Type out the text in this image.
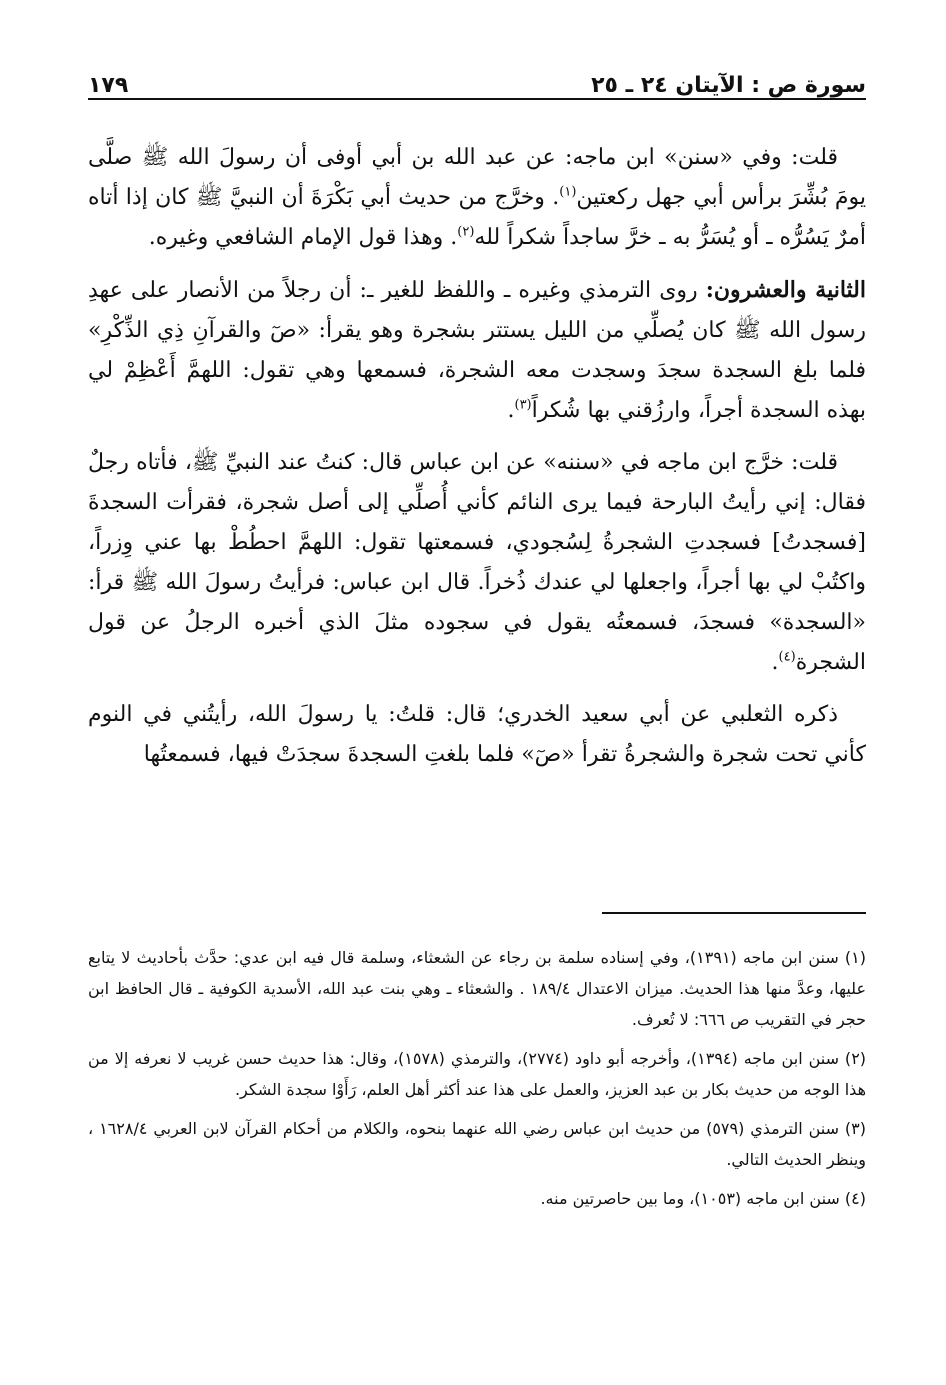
سورة ص : الآيتان ٢٤ ـ ٢٥
١٧٩

قلت: وفي «سنن» ابن ماجه: عن عبد الله بن أبي أوفى أن رسولَ الله ﷺ صلَّى يومَ بُشِّرَ برأس أبي جهل ركعتين$^{(١)}$. وخرَّج من حديث أبي بَكْرَةَ أن النبيَّ ﷺ كان إذا أتاه أمرٌ يَسُرُّه ـ أو يُسَرُّ به ـ خرَّ ساجداً شكراً لله$^{(٢)}$. وهذا قول الإمام الشافعي وغيره.

الثانية والعشرون: روى الترمذي وغيره ـ واللفظ للغير ـ: أن رجلاً من الأنصار على عهدِ رسول الله ﷺ كان يُصلِّي من الليل يستتر بشجرة وهو يقرأ: «صٓ والقرآنِ ذِي الذِّكْرِ» فلما بلغ السجدة سجدَ وسجدت معه الشجرة، فسمعها وهي تقول: اللهمَّ أَعْظِمْ لي بهذه السجدة أجراً، وارزُقني بها شُكراً$^{(٣)}$.

قلت: خرَّج ابن ماجه في «سننه» عن ابن عباس قال: كنتُ عند النبيِّ ﷺ، فأتاه رجلٌ فقال: إني رأيتُ البارحة فيما يرى النائم كأني أُصلِّي إلى أصل شجرة، فقرأت السجدةَ [فسجدتُ] فسجدتِ الشجرةُ لِسُجودي، فسمعتها تقول: اللهمَّ احطُطْ بها عني وِزراً، واكتُبْ لي بها أجراً، واجعلها لي عندك ذُخراً. قال ابن عباس: فرأيتُ رسولَ الله ﷺ قرأ: «السجدة» فسجدَ، فسمعتُه يقول في سجوده مثلَ الذي أخبره الرجلُ عن قول الشجرة$^{(٤)}$.

ذكره الثعلبي عن أبي سعيد الخدري؛ قال: قلتُ: يا رسولَ الله، رأيتُني في النوم كأني تحت شجرة والشجرةُ تقرأ «صٓ» فلما بلغتِ السجدةَ سجدَتْ فيها، فسمعتُها

(١) سنن ابن ماجه (١٣٩١)، وفي إسناده سلمة بن رجاء عن الشعثاء، وسلمة قال فيه ابن عدي: حدَّث بأحاديث لا يتابع عليها، وعدَّ منها هذا الحديث. ميزان الاعتدال ١٨٩/٤ . والشعثاء ـ وهي بنت عبد الله، الأسدية الكوفية ـ قال الحافظ ابن حجر في التقريب ص ٦٦٦: لا تُعرف.
(٢) سنن ابن ماجه (١٣٩٤)، وأخرجه أبو داود (٢٧٧٤)، والترمذي (١٥٧٨)، وقال: هذا حديث حسن غريب لا نعرفه إلا من هذا الوجه من حديث بكار بن عبد العزيز، والعمل على هذا عند أكثر أهل العلم، رَأَوْا سجدة الشكر.
(٣) سنن الترمذي (٥٧٩) من حديث ابن عباس رضي الله عنهما بنحوه، والكلام من أحكام القرآن لابن العربي ١٦٢٨/٤ ، وينظر الحديث التالي.
(٤) سنن ابن ماجه (١٠٥٣)، وما بين حاصرتين منه.
